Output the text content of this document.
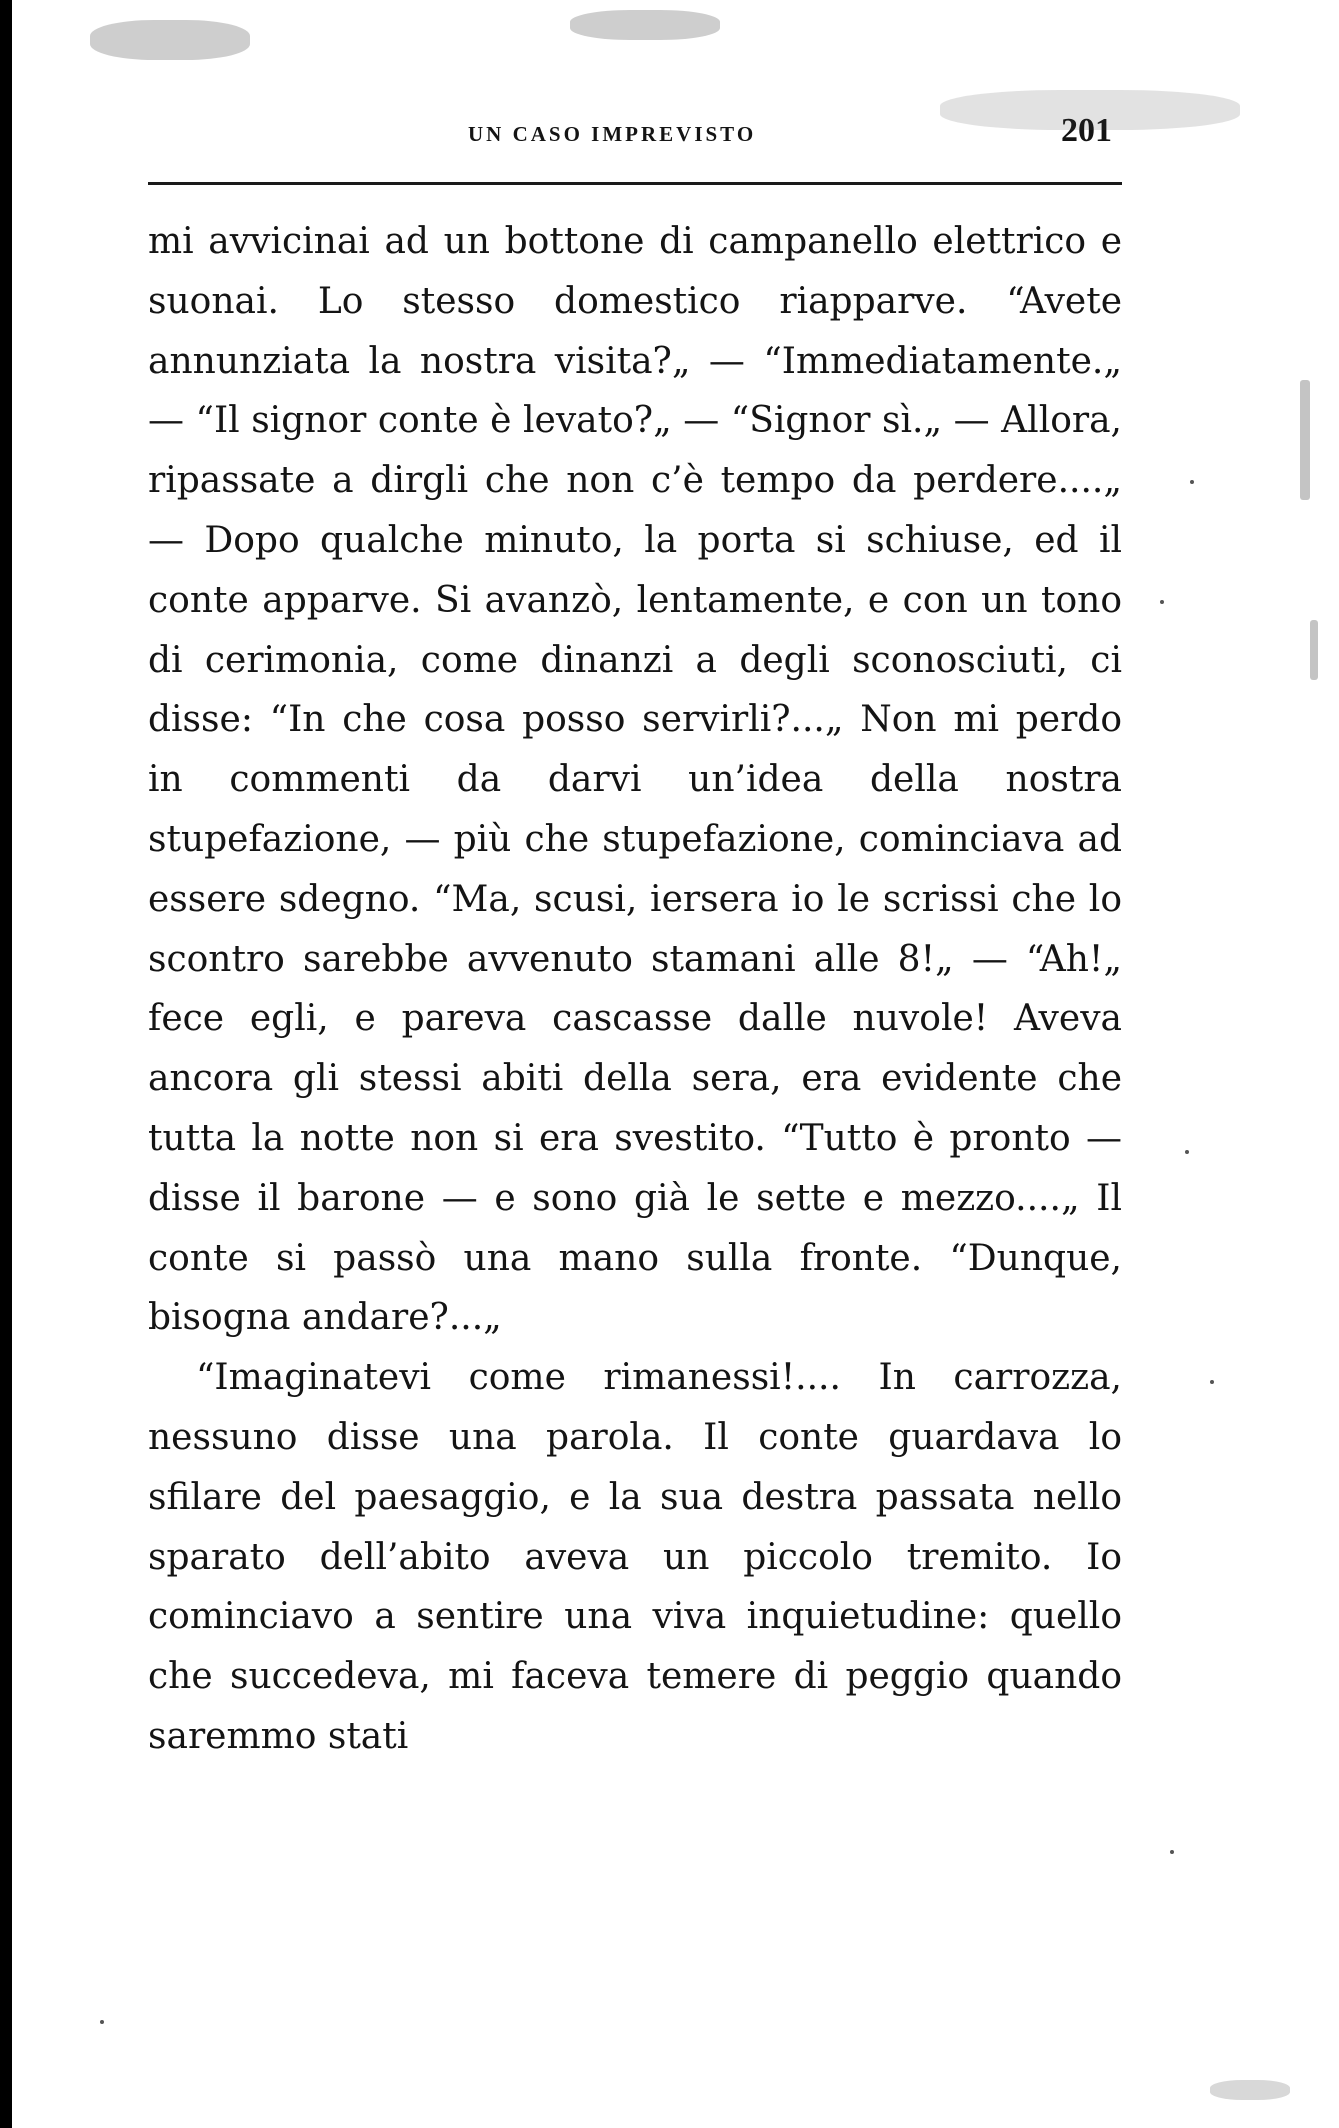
UN CASO IMPREVISTO	201

mi avvicinai ad un bottone di campanello elettrico e suonai. Lo stesso domestico riapparve. “Avete annunziata la nostra visita?„ — “Immediatamente.„ — “Il signor conte è levato?„ — “Signor sì.„ — Allora, ripassate a dirgli che non c’è tempo da perdere....„ — Dopo qualche minuto, la porta si schiuse, ed il conte apparve. Si avanzò, lentamente, e con un tono di cerimonia, come dinanzi a degli sconosciuti, ci disse: “In che cosa posso servirli?...„ Non mi perdo in commenti da darvi un’idea della nostra stupefazione, — più che stupefazione, cominciava ad essere sdegno. “Ma, scusi, iersera io le scrissi che lo scontro sarebbe avvenuto stamani alle 8!„ — “Ah!„ fece egli, e pareva cascasse dalle nuvole! Aveva ancora gli stessi abiti della sera, era evidente che tutta la notte non si era svestito. “Tutto è pronto — disse il barone — e sono già le sette e mezzo....„ Il conte si passò una mano sulla fronte. “Dunque, bisogna andare?...„

“Imaginatevi come rimanessi!.... In carrozza, nessuno disse una parola. Il conte guardava lo sfilare del paesaggio, e la sua destra passata nello sparato dell’abito aveva un piccolo tremito. Io cominciavo a sentire una viva inquietudine: quello che succedeva, mi faceva temere di peggio quando saremmo stati
